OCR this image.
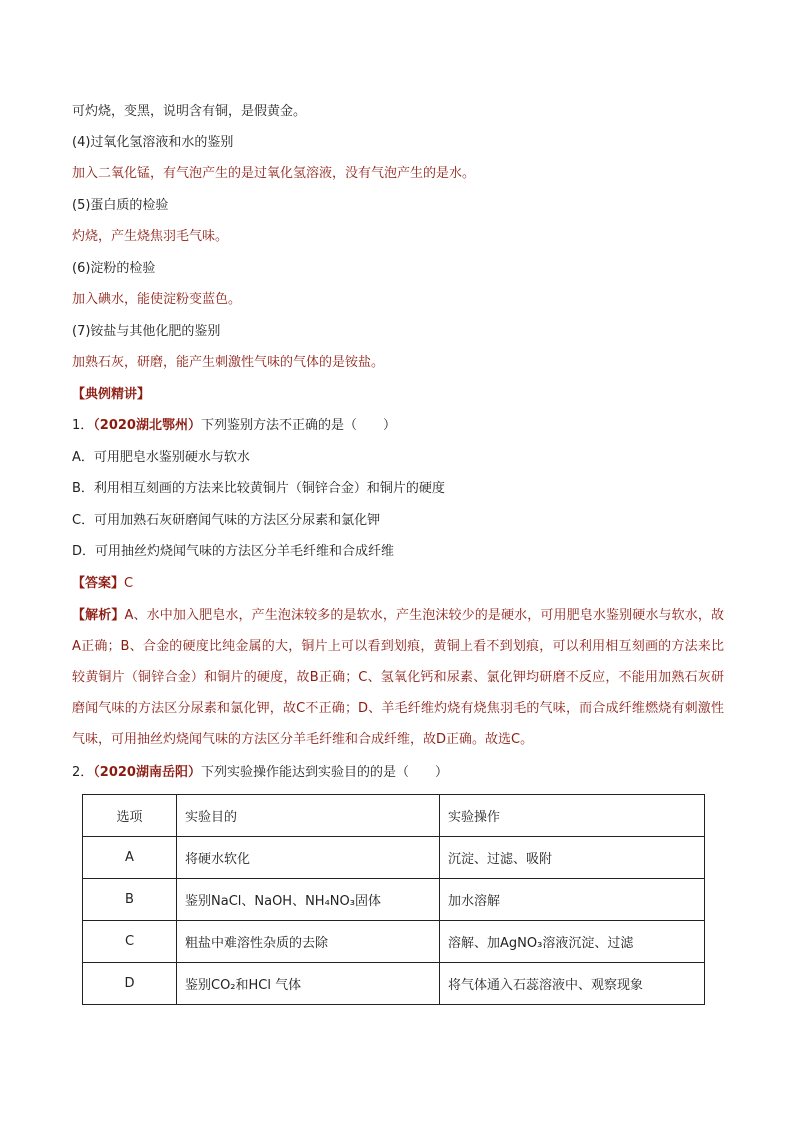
可灼烧，变黑，说明含有铜，是假黄金。
(4)过氧化氢溶液和水的鉴别
加入二氧化锰，有气泡产生的是过氧化氢溶液，没有气泡产生的是水。
(5)蛋白质的检验
灼烧，产生烧焦羽毛气味。
(6)淀粉的检验
加入碘水，能使淀粉变蓝色。
(7)铵盐与其他化肥的鉴别
加熟石灰，研磨，能产生刺激性气味的气体的是铵盐。
【典例精讲】
1．（2020湖北鄂州）下列鉴别方法不正确的是（　　）
A．可用肥皂水鉴别硬水与软水
B．利用相互刻画的方法来比较黄铜片（铜锌合金）和铜片的硬度
C．可用加熟石灰研磨闻气味的方法区分尿素和氯化钾
D．可用抽丝灼烧闻气味的方法区分羊毛纤维和合成纤维
【答案】C
【解析】A、水中加入肥皂水，产生泡沫较多的是软水，产生泡沫较少的是硬水，可用肥皂水鉴别硬水与软水，故A正确；B、合金的硬度比纯金属的大，铜片上可以看到划痕，黄铜上看不到划痕，可以利用相互刻画的方法来比较黄铜片（铜锌合金）和铜片的硬度，故B正确；C、氢氧化钙和尿素、氯化钾均研磨不反应，不能用加熟石灰研磨闻气味的方法区分尿素和氯化钾，故C不正确；D、羊毛纤维灼烧有烧焦羽毛的气味，而合成纤维燃烧有刺激性气味，可用抽丝灼烧闻气味的方法区分羊毛纤维和合成纤维，故D正确。故选C。
2．（2020湖南岳阳）下列实验操作能达到实验目的的是（　　）
选项	实验目的	实验操作
A	将硬水软化	沉淀、过滤、吸附
B	鉴别NaCl、NaOH、NH₄NO₃固体	加水溶解
C	粗盐中难溶性杂质的去除	溶解、加AgNO₃溶液沉淀、过滤
D	鉴别CO₂和HCl 气体	将气体通入石蕊溶液中、观察现象
